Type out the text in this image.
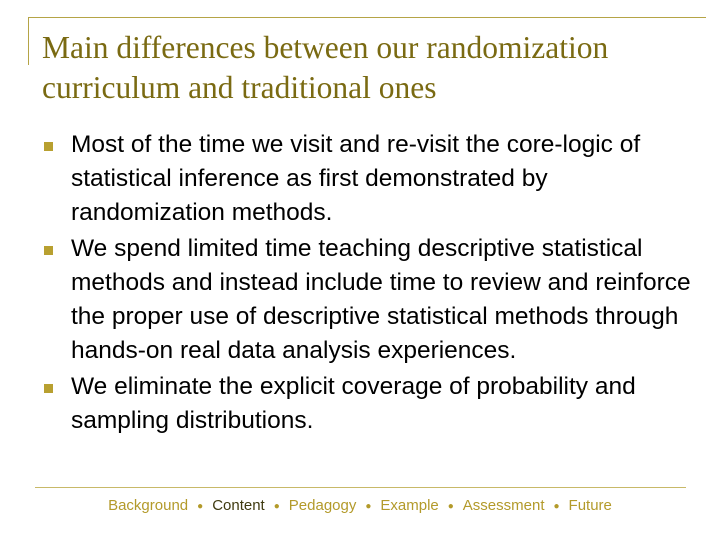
Main differences between our randomization curriculum and traditional ones
Most of the time we visit and re-visit the core-logic of statistical inference as first demonstrated by randomization methods.
We spend limited time teaching descriptive statistical methods and instead include time to review and reinforce the proper use of descriptive statistical methods through hands-on real data analysis experiences.
We eliminate the explicit coverage of probability and sampling distributions.
Background ● Content ● Pedagogy ● Example ● Assessment ● Future
